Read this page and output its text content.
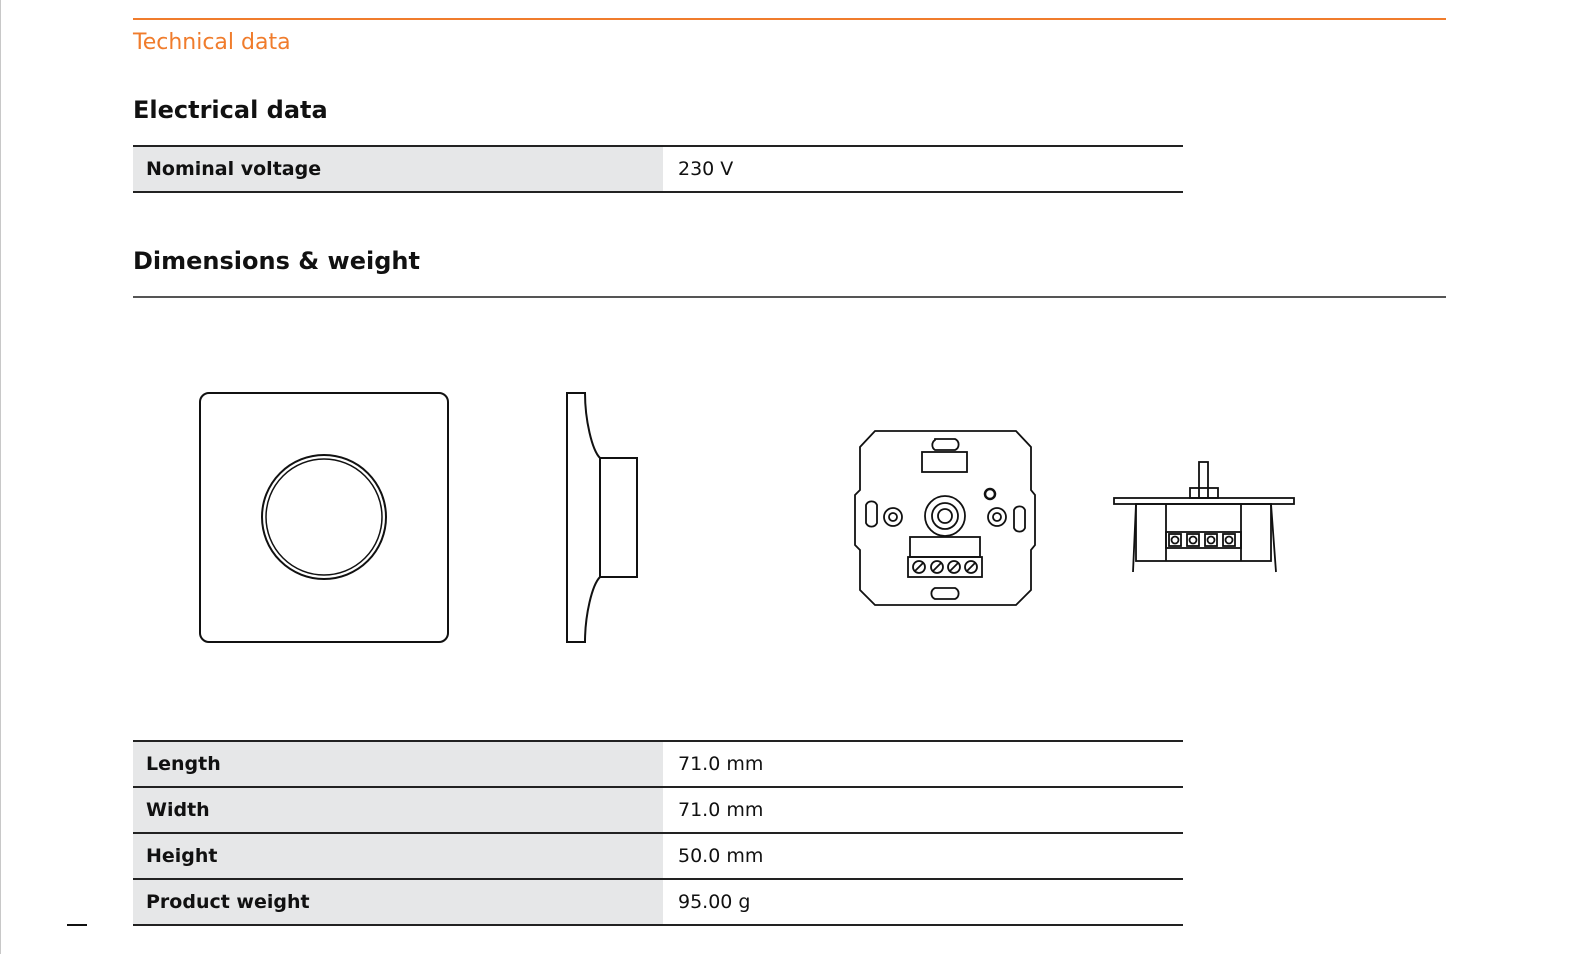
Technical data
Electrical data
Nominal voltage	230 V
Dimensions & weight
Length	71.0 mm
Width	71.0 mm
Height	50.0 mm
Product weight	95.00 g
